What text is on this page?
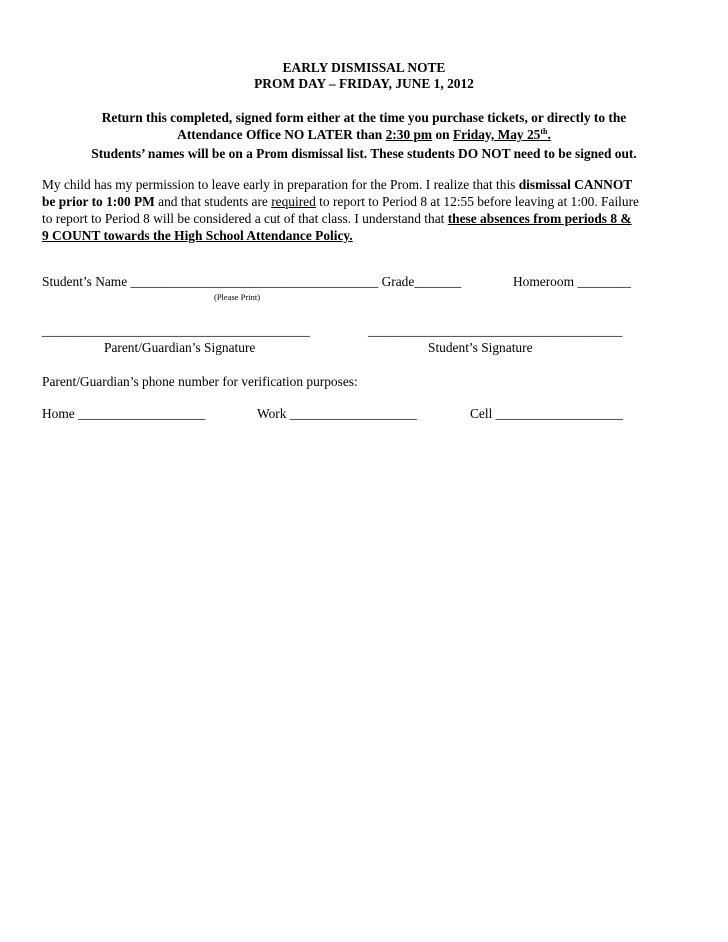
EARLY DISMISSAL NOTE
PROM DAY – FRIDAY, JUNE 1, 2012
Return this completed, signed form either at the time you purchase tickets, or directly to the
Attendance Office NO LATER than 2:30 pm on Friday, May 25th.
Students’ names will be on a Prom dismissal list. These students DO NOT need to be signed out.
My child has my permission to leave early in preparation for the Prom. I realize that this dismissal CANNOT
be prior to 1:00 PM and that students are required to report to Period 8 at 12:55 before leaving at 1:00. Failure
to report to Period 8 will be considered a cut of that class. I understand that these absences from periods 8 &
9 COUNT towards the High School Attendance Policy.
Student’s Name _____________________________________ Grade_______	Homeroom ________
(Please Print)
________________________________________	______________________________________
Parent/Guardian’s Signature	Student’s Signature
Parent/Guardian’s phone number for verification purposes:
Home ___________________	Work ___________________	Cell ___________________
